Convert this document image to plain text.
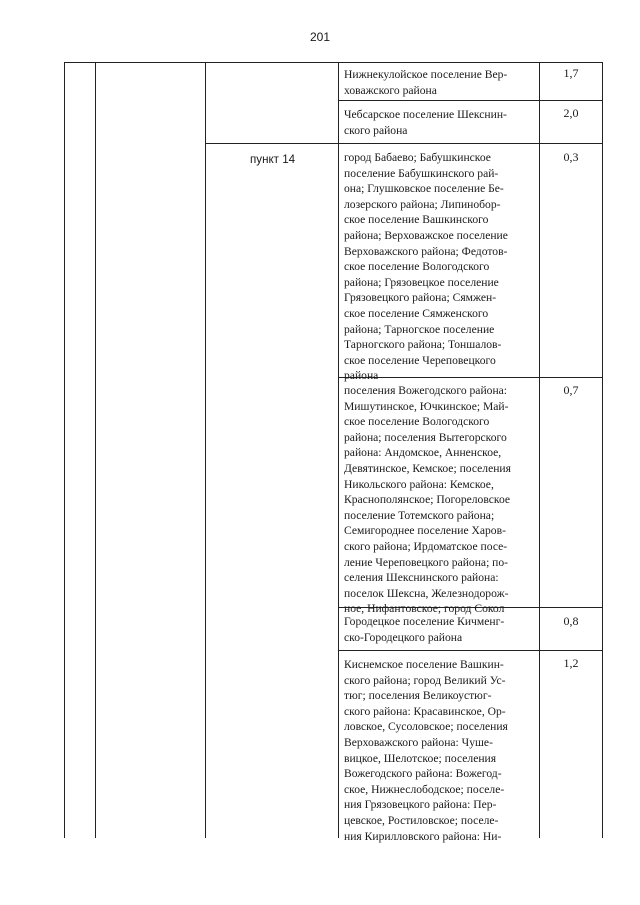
201
пункт 14

Нижнекулойское поселение Вер-
ховажского района

1,7

Чебсарское поселение Шекснин-
ского района

2,0

город Бабаево; Бабушкинское
поселение Бабушкинского рай-
она; Глушковское поселение Бе-
лозерского района; Липинобор-
ское поселение Вашкинского
района; Верховажское поселение
Верховажского района; Федотов-
ское поселение Вологодского
района; Грязовецкое поселение
Грязовецкого района; Сямжен-
ское поселение Сямженского
района; Тарногское поселение
Тарногского района; Тоншалов-
ское поселение Череповецкого
района

0,3

поселения Вожегодского района:
Мишутинское, Ючкинское; Май-
ское поселение Вологодского
района; поселения Вытегорского
района: Андомское, Анненское,
Девятинское, Кемское; поселения
Никольского района: Кемское,
Краснополянское; Погореловское
поселение Тотемского района;
Семигороднее поселение Харов-
ского района; Ирдоматское посе-
ление Череповецкого района; по-
селения Шекснинского района:
поселок Шексна, Железнодорож-
ное, Нифантовское; город Сокол

0,7

Городецкое поселение Кичменг-
ско-Городецкого района

0,8

Киснемское поселение Вашкин-
ского района; город Великий Ус-
тюг; поселения Великоустюг-
ского района: Красавинское, Ор-
ловское, Сусоловское; поселения
Верховажского района: Чуше-
вицкое, Шелотское; поселения
Вожегодского района: Вожегод-
ское, Нижнеслободское; поселе-
ния Грязовецкого района: Пер-
цевское, Ростиловское; поселе-
ния Кирилловского района: Ни-

1,2
